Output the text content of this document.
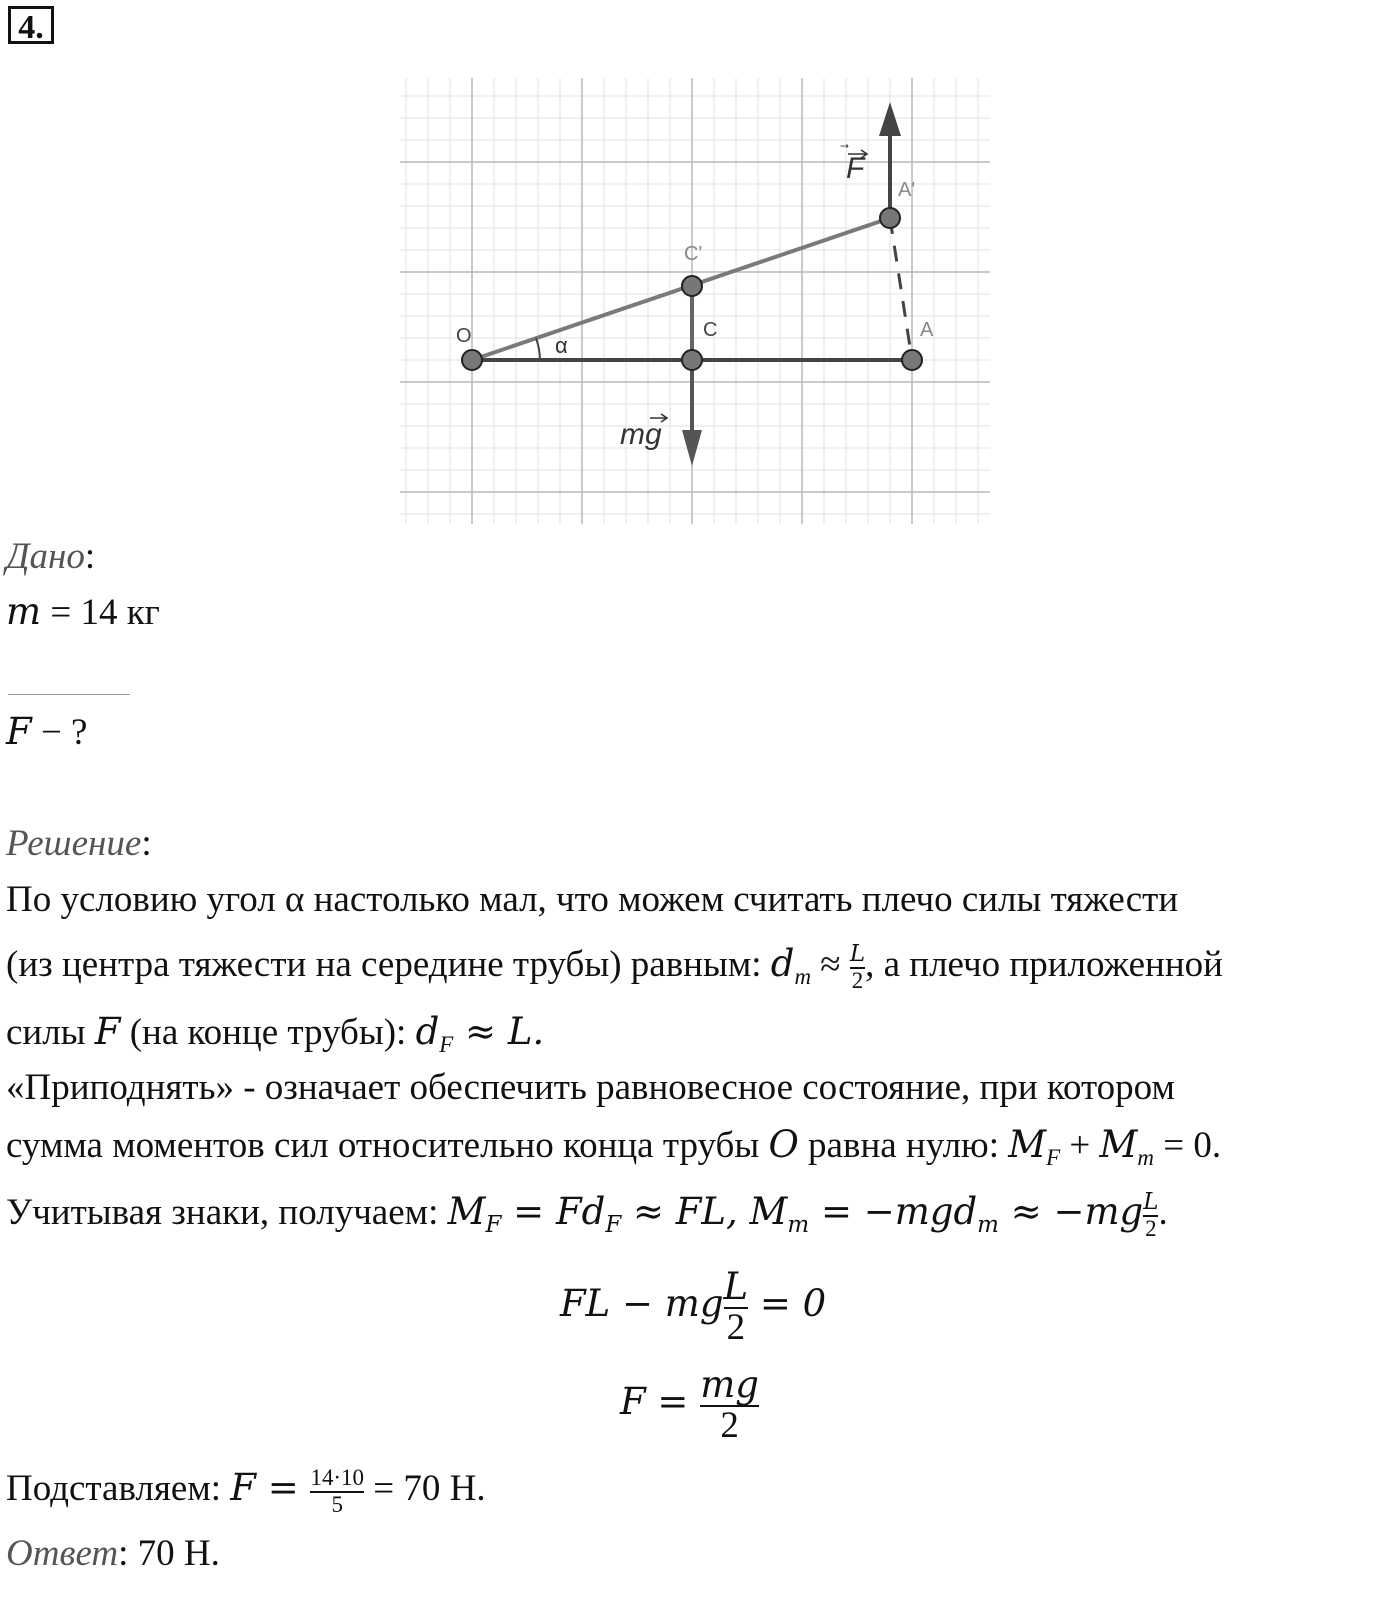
4.
O	α
C
C'
A
A'
F
mg
Дано:
m = 14 кг
F − ?
Решение:
По условию угол α настолько мал, что можем считать плечо силы тяжести
(из центра тяжести на середине трубы) равным: $d_т \approx \frac{L}{2}$ , а плечо приложенной
силы F (на конце трубы): $d_F \approx L$.
«Приподнять» - означает обеспечить равновесное состояние, при котором
сумма моментов сил относительно конца трубы O равна нулю: $M_F + M_т = 0$.
Учитывая знаки, получаем: $M_F = Fd_F$ ≈ FL, $M_т = -mgd_т \approx -mg \frac{L}{2}$ .
FL − mg $\frac{L}{2} = 0$
$F = \frac{mg}{2}$
Подставляем: $F = \frac{14\cdot 10}{5} = 70$ Н.
Ответ: 70 Н.
